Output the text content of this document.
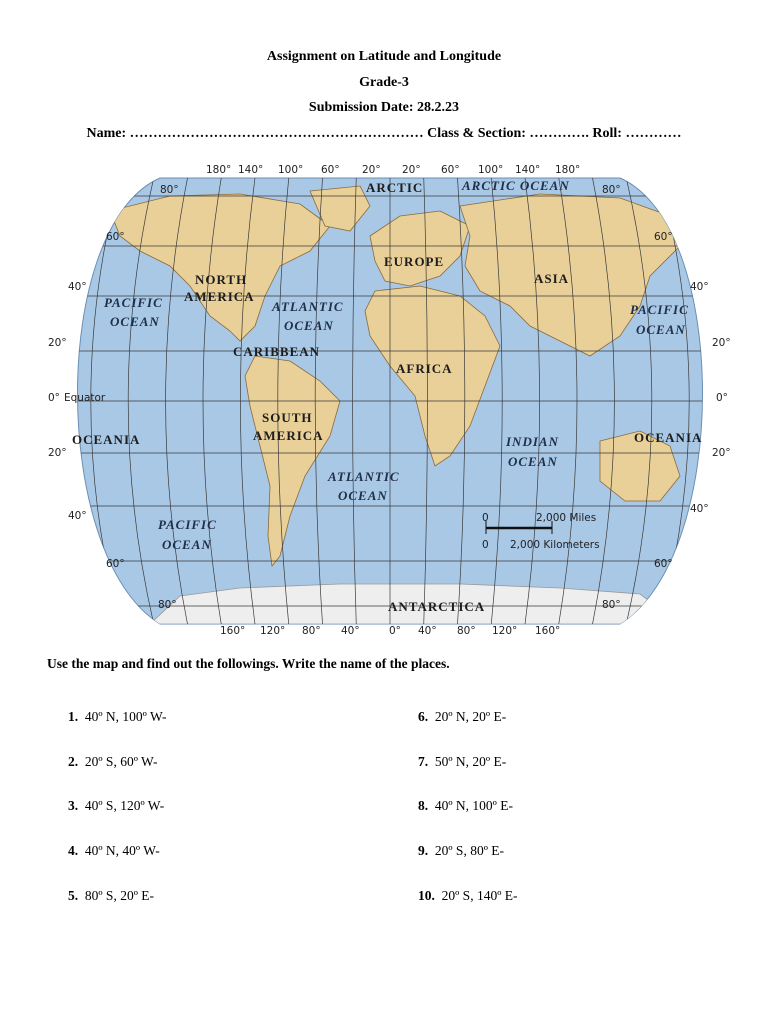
Assignment on Latitude and Longitude
Grade-3
Submission Date: 28.2.23
Name: ……………………………………………………… Class & Section: …………. Roll: …………
NORTH
AMERICA
SOUTH
AMERICA
EUROPE
ASIA
AFRICA
OCEANIA	OCEANIA
ARCTIC
ANTARCTICA
CARIBBEAN
PACIFIC
OCEAN
ATLANTIC
OCEAN
PACIFIC
OCEAN
INDIAN
OCEAN
ATLANTIC
OCEAN
PACIFIC
OCEAN
ARCTIC OCEAN
0° Equator
0	2,000 Miles
0 2,000 Kilometers
180° 140° 100° 60° 20° 20° 60° 100° 140° 180°
160° 120° 80° 40°	0° 40° 80° 120° 160°
80°
60°
40°
20°
20°
40°
60°
80°
80°
60°
40°
20°
0°
20°
40°
60°
80°
Use the map and find out the followings. Write the name of the places.
1. 40º N, 100º W-
2. 20º S, 60º W-
3. 40º S, 120º W-
4. 40º N, 40º W-
5. 80º S, 20º E-
6. 20º N, 20º E-
7. 50º N, 20º E-
8. 40º N, 100º E-
9. 20º S, 80º E-
10. 20º S, 140º E-
